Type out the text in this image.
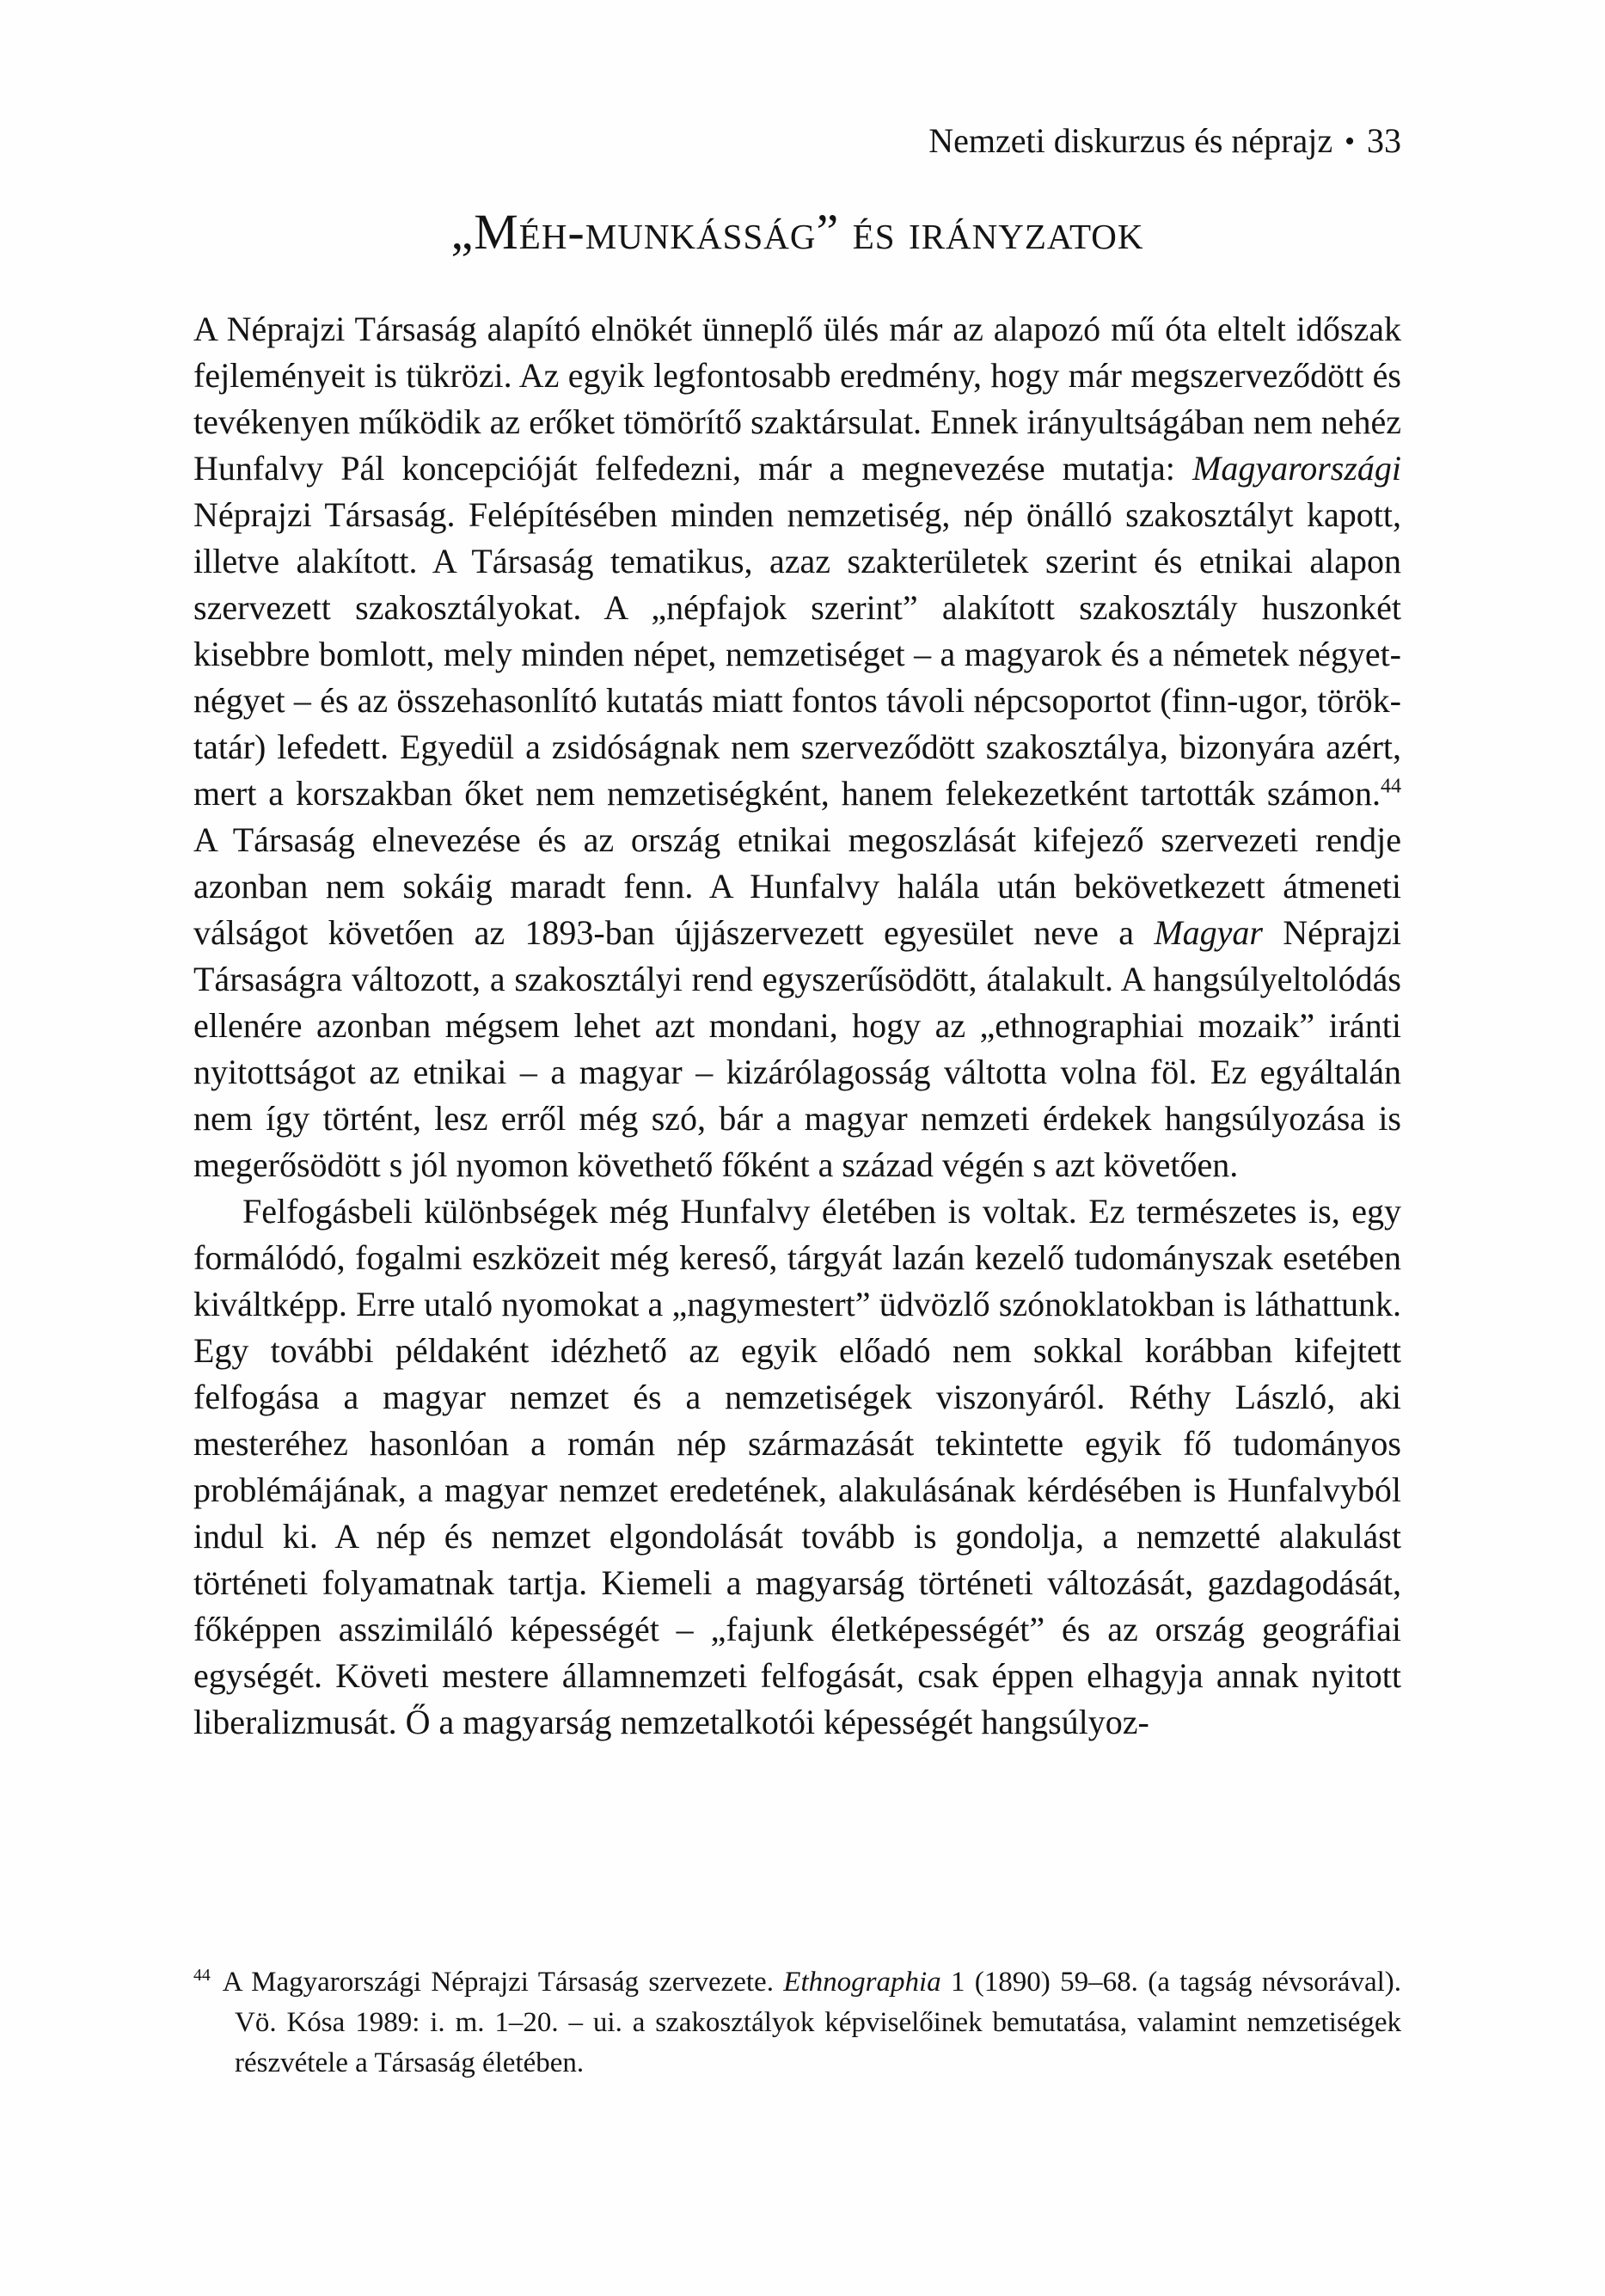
Nemzeti diskurzus és néprajz • 33
„Méh-munkásság” és irányzatok

A Néprajzi Társaság alapító elnökét ünneplő ülés már az alapozó mű óta eltelt időszak fejleményeit is tükrözi. Az egyik legfontosabb eredmény, hogy már megszerveződött és tevékenyen működik az erőket tömörítő szaktársulat. Ennek irányultságában nem nehéz Hunfalvy Pál koncepcióját felfedezni, már a megnevezése mutatja: Magyarországi Néprajzi Társaság. Felépítésében minden nemzetiség, nép önálló szakosztályt kapott, illetve alakított. A Társaság tematikus, azaz szakterületek szerint és etnikai alapon szervezett szakosztályokat. A „népfajok szerint” alakított szakosztály huszonkét kisebbre bomlott, mely minden népet, nemzetiséget – a magyarok és a németek négyet-négyet – és az összehasonlító kutatás miatt fontos távoli népcsoportot (finn-ugor, török-tatár) lefedett. Egyedül a zsidóságnak nem szerveződött szakosztálya, bizonyára azért, mert a korszakban őket nem nemzetiségként, hanem felekezetként tartották számon.$^{44}$ A Társaság elnevezése és az ország etnikai megoszlását kifejező szervezeti rendje azonban nem sokáig maradt fenn. A Hunfalvy halála után bekövetkezett átmeneti válságot követően az 1893-ban újjászervezett egyesület neve a Magyar Néprajzi Társaságra változott, a szakosztályi rend egyszerűsödött, átalakult. A hangsúlyeltolódás ellenére azonban mégsem lehet azt mondani, hogy az „ethnographiai mozaik” iránti nyitottságot az etnikai – a magyar – kizárólagosság váltotta volna föl. Ez egyáltalán nem így történt, lesz erről még szó, bár a magyar nemzeti érdekek hangsúlyozása is megerősödött s jól nyomon követhető főként a század végén s azt követően.

Felfogásbeli különbségek még Hunfalvy életében is voltak. Ez természetes is, egy formálódó, fogalmi eszközeit még kereső, tárgyát lazán kezelő tudományszak esetében kiváltképp. Erre utaló nyomokat a „nagymestert” üdvözlő szónoklatokban is láthattunk. Egy további példaként idézhető az egyik előadó nem sokkal korábban kifejtett felfogása a magyar nemzet és a nemzetiségek viszonyáról. Réthy László, aki mesteréhez hasonlóan a román nép származását tekintette egyik fő tudományos problémájának, a magyar nemzet eredetének, alakulásának kérdésében is Hunfalvyból indul ki. A nép és nemzet elgondolását tovább is gondolja, a nemzetté alakulást történeti folyamatnak tartja. Kiemeli a magyarság történeti változását, gazdagodását, főképpen asszimiláló képességét – „fajunk életképességét” és az ország geográfiai egységét. Követi mestere államnemzeti felfogását, csak éppen elhagyja annak nyitott liberalizmusát. Ő a magyarság nemzetalkotói képességét hangsúlyoz-

$^{44}$ A Magyarországi Néprajzi Társaság szervezete. Ethnographia 1 (1890) 59–68. (a tagság névsorával). Vö. Kósa 1989: i. m. 1–20. – ui. a szakosztályok képviselőinek bemutatása, valamint nemzetiségek részvétele a Társaság életében.
